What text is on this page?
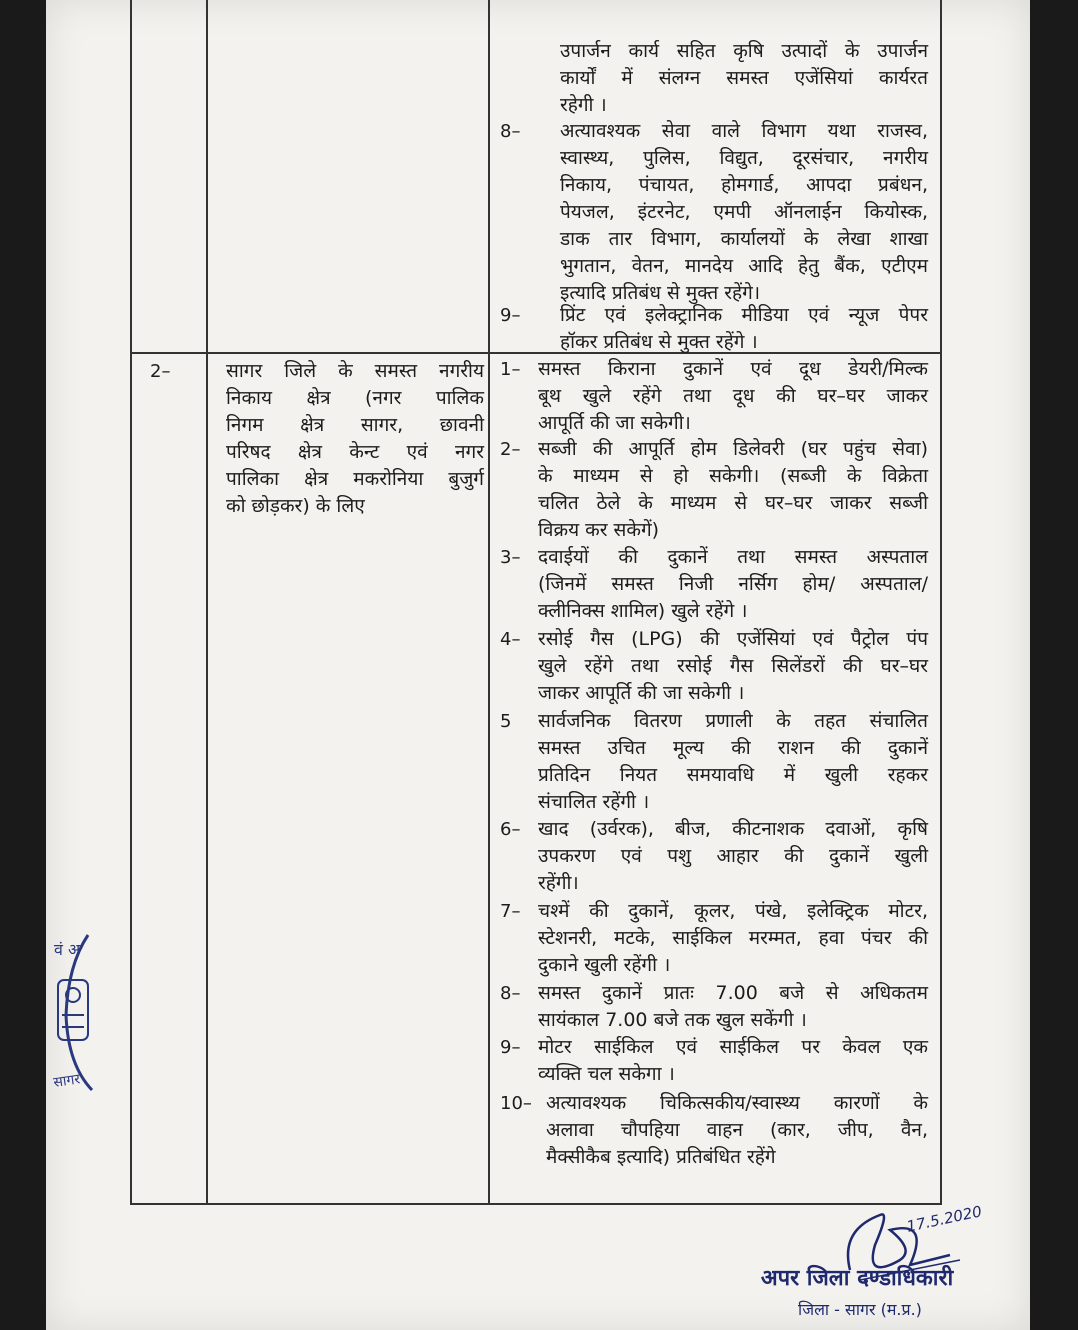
उपार्जन कार्य सहित कृषि उत्पादों के उपार्जन
कार्यों में संलग्न समस्त एजेंसियां कार्यरत
रहेगी ।
8– अत्यावश्यक सेवा वाले विभाग यथा राजस्व,
स्वास्थ्य, पुलिस, विद्युत, दूरसंचार, नगरीय
निकाय, पंचायत, होमगार्ड, आपदा प्रबंधन,
पेयजल, इंटरनेट, एमपी ऑनलाईन कियोस्क,
डाक तार विभाग, कार्यालयों के लेखा शाखा
भुगतान, वेतन, मानदेय आदि हेतु बैंक, एटीएम
इत्यादि प्रतिबंध से मुक्त रहेंगे।
9– प्रिंट एवं इलेक्ट्रानिक मीडिया एवं न्यूज पेपर
हॉकर प्रतिबंध से मुक्त रहेंगे ।
2–	सागर जिले के समस्त नगरीय
निकाय क्षेत्र (नगर पालिक
निगम क्षेत्र सागर, छावनी
परिषद क्षेत्र केन्ट एवं नगर
पालिका क्षेत्र मकरोनिया बुजुर्ग
को छोड़कर) के लिए
1– समस्त किराना दुकानें एवं दूध डेयरी/मिल्क
बूथ खुले रहेंगे तथा दूध की घर–घर जाकर
आपूर्ति की जा सकेगी।
2– सब्जी की आपूर्ति होम डिलेवरी (घर पहुंच सेवा)
के माध्यम से हो सकेगी। (सब्जी के विक्रेता
चलित ठेले के माध्यम से घर–घर जाकर सब्जी
विक्रय कर सकेगें)
3– दवाईयों की दुकानें तथा समस्त अस्पताल
(जिनमें समस्त निजी नर्सिग होम/ अस्पताल/
क्लीनिक्स शामिल) खुले रहेंगे ।
4– रसोई गैस (LPG) की एजेंसियां एवं पैट्रोल पंप
खुले रहेंगे तथा रसोई गैस सिलेंडरों की घर–घर
जाकर आपूर्ति की जा सकेगी ।
5 सार्वजनिक वितरण प्रणाली के तहत संचालित
समस्त उचित मूल्य की राशन की दुकानें
प्रतिदिन नियत समयावधि में खुली रहकर
संचालित रहेंगी ।
6– खाद (उर्वरक), बीज, कीटनाशक दवाओं, कृषि
उपकरण एवं पशु आहार की दुकानें खुली
रहेंगी।
7– चश्में की दुकानें, कूलर, पंखे, इलेक्ट्रिक मोटर,
स्टेशनरी, मटके, साईकिल मरम्मत, हवा पंचर की
दुकाने खुली रहेंगी ।
8– समस्त दुकानें प्रातः 7.00 बजे से अधिकतम
सायंकाल 7.00 बजे तक खुल सकेंगी ।
9– मोटर साईकिल एवं साईकिल पर केवल एक
व्यक्ति चल सकेगा ।
10– अत्यावश्यक चिकित्सकीय/स्वास्थ्य कारणों के
अलावा चौपहिया वाहन (कार, जीप, वैन,
मैक्सीकैब इत्यादि) प्रतिबंधित रहेंगे
वं अ
सागर
17.5.2020
अपर जिला दण्डाधिकारी
जिला - सागर (म.प्र.)
